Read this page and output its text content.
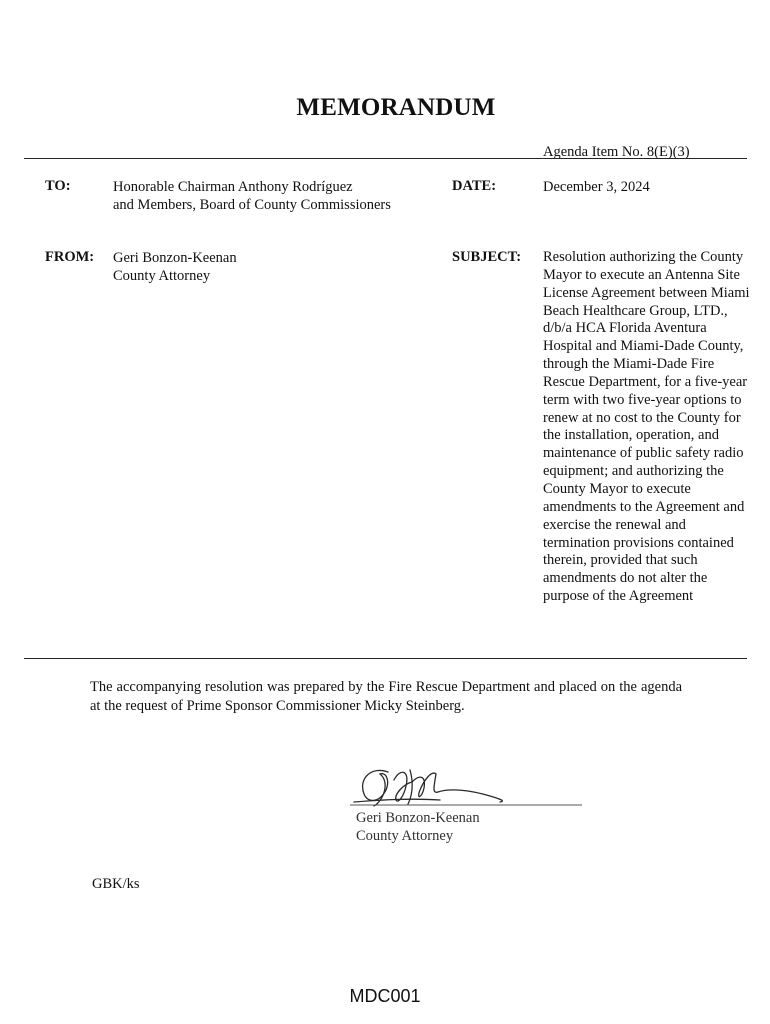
MEMORANDUM
Agenda Item No. 8(E)(3)
TO:	Honorable Chairman Anthony Rodríguez
and Members, Board of County Commissioners
DATE:	December 3, 2024
FROM: Geri Bonzon-Keenan
County Attorney
SUBJECT: Resolution authorizing the County Mayor to execute an Antenna Site License Agreement between Miami Beach Healthcare Group, LTD., d/b/a HCA Florida Aventura Hospital and Miami-Dade County, through the Miami-Dade Fire Rescue Department, for a five-year term with two five-year options to renew at no cost to the County for the installation, operation, and maintenance of public safety radio equipment; and authorizing the County Mayor to execute amendments to the Agreement and exercise the renewal and termination provisions contained therein, provided that such amendments do not alter the purpose of the Agreement
The accompanying resolution was prepared by the Fire Rescue Department and placed on the agenda at the request of Prime Sponsor Commissioner Micky Steinberg.
Geri Bonzon-Keenan
County Attorney
GBK/ks
MDC001
